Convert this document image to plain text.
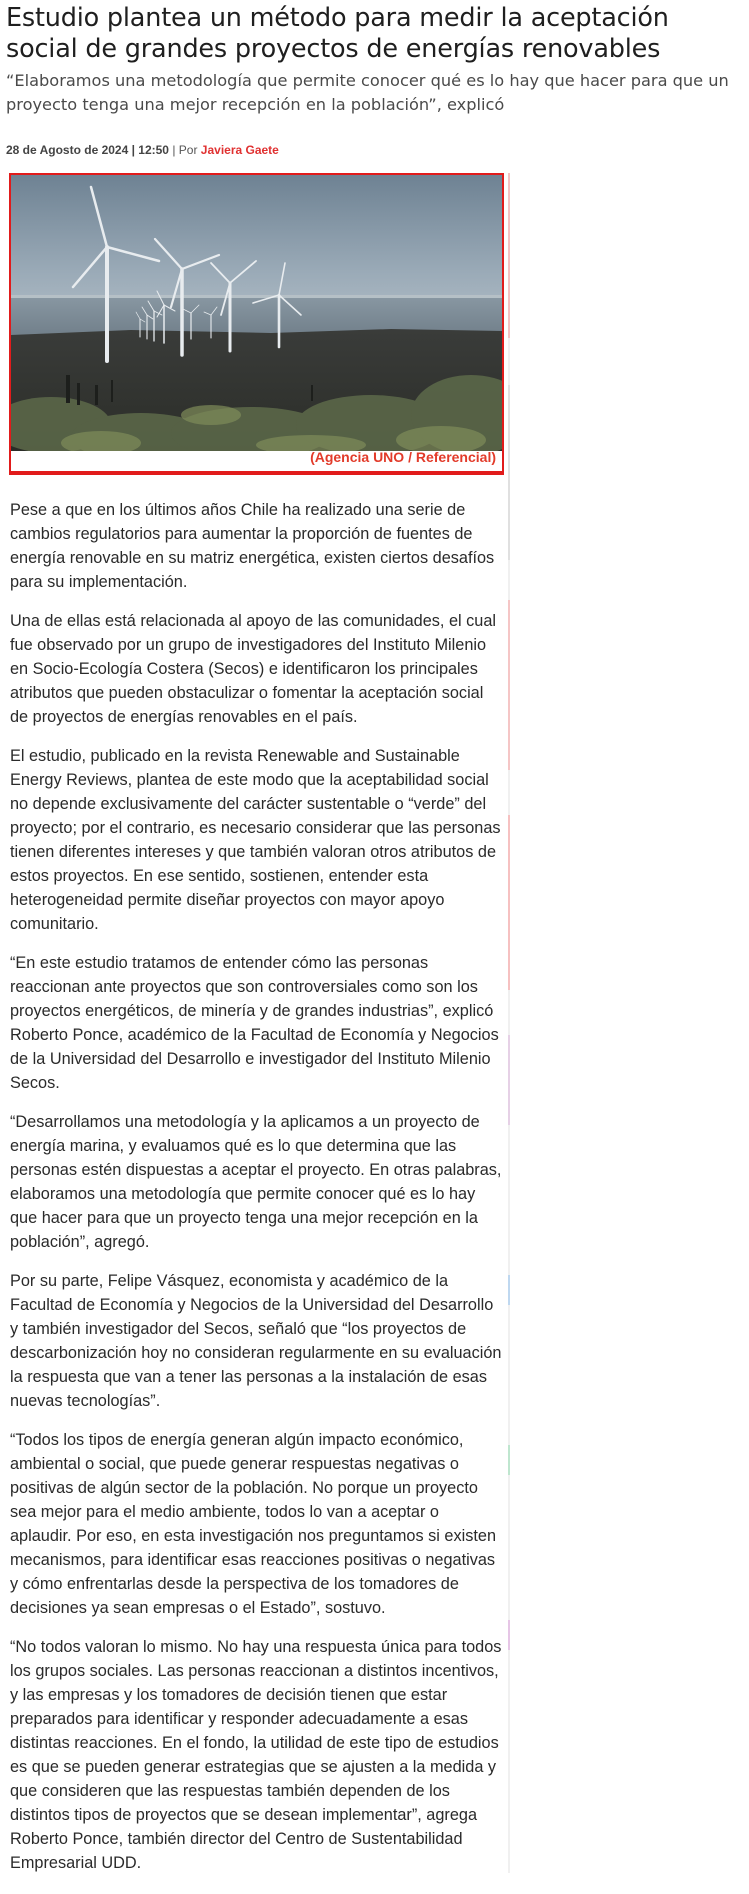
Estudio plantea un método para medir la aceptación social de grandes proyectos de energías renovables

“Elaboramos una metodología que permite conocer qué es lo hay que hacer para que un proyecto tenga una mejor recepción en la población”, explicó

28 de Agosto de 2024 | 12:50 | Por Javiera Gaete
(Agencia UNO / Referencial)

Pese a que en los últimos años Chile ha realizado una serie de cambios regulatorios para aumentar la proporción de fuentes de energía renovable en su matriz energética, existen ciertos desafíos para su implementación.

Una de ellas está relacionada al apoyo de las comunidades, el cual fue observado por un grupo de investigadores del Instituto Milenio en Socio-Ecología Costera (Secos) e identificaron los principales atributos que pueden obstaculizar o fomentar la aceptación social de proyectos de energías renovables en el país.

El estudio, publicado en la revista Renewable and Sustainable Energy Reviews, plantea de este modo que la aceptabilidad social no depende exclusivamente del carácter sustentable o “verde” del proyecto; por el contrario, es necesario considerar que las personas tienen diferentes intereses y que también valoran otros atributos de estos proyectos. En ese sentido, sostienen, entender esta heterogeneidad permite diseñar proyectos con mayor apoyo comunitario.

“En este estudio tratamos de entender cómo las personas reaccionan ante proyectos que son controversiales como son los proyectos energéticos, de minería y de grandes industrias”, explicó Roberto Ponce, académico de la Facultad de Economía y Negocios de la Universidad del Desarrollo e investigador del Instituto Milenio Secos.

“Desarrollamos una metodología y la aplicamos a un proyecto de energía marina, y evaluamos qué es lo que determina que las personas estén dispuestas a aceptar el proyecto. En otras palabras, elaboramos una metodología que permite conocer qué es lo hay que hacer para que un proyecto tenga una mejor recepción en la población”, agregó.

Por su parte, Felipe Vásquez, economista y académico de la Facultad de Economía y Negocios de la Universidad del Desarrollo y también investigador del Secos, señaló que “los proyectos de descarbonización hoy no consideran regularmente en su evaluación la respuesta que van a tener las personas a la instalación de esas nuevas tecnologías”.

“Todos los tipos de energía generan algún impacto económico, ambiental o social, que puede generar respuestas negativas o positivas de algún sector de la población. No porque un proyecto sea mejor para el medio ambiente, todos lo van a aceptar o aplaudir. Por eso, en esta investigación nos preguntamos si existen mecanismos, para identificar esas reacciones positivas o negativas y cómo enfrentarlas desde la perspectiva de los tomadores de decisiones ya sean empresas o el Estado”, sostuvo.

“No todos valoran lo mismo. No hay una respuesta única para todos los grupos sociales. Las personas reaccionan a distintos incentivos, y las empresas y los tomadores de decisión tienen que estar preparados para identificar y responder adecuadamente a esas distintas reacciones. En el fondo, la utilidad de este tipo de estudios es que se pueden generar estrategias que se ajusten a la medida y que consideren que las respuestas también dependen de los distintos tipos de proyectos que se desean implementar”, agrega Roberto Ponce, también director del Centro de Sustentabilidad Empresarial UDD.
